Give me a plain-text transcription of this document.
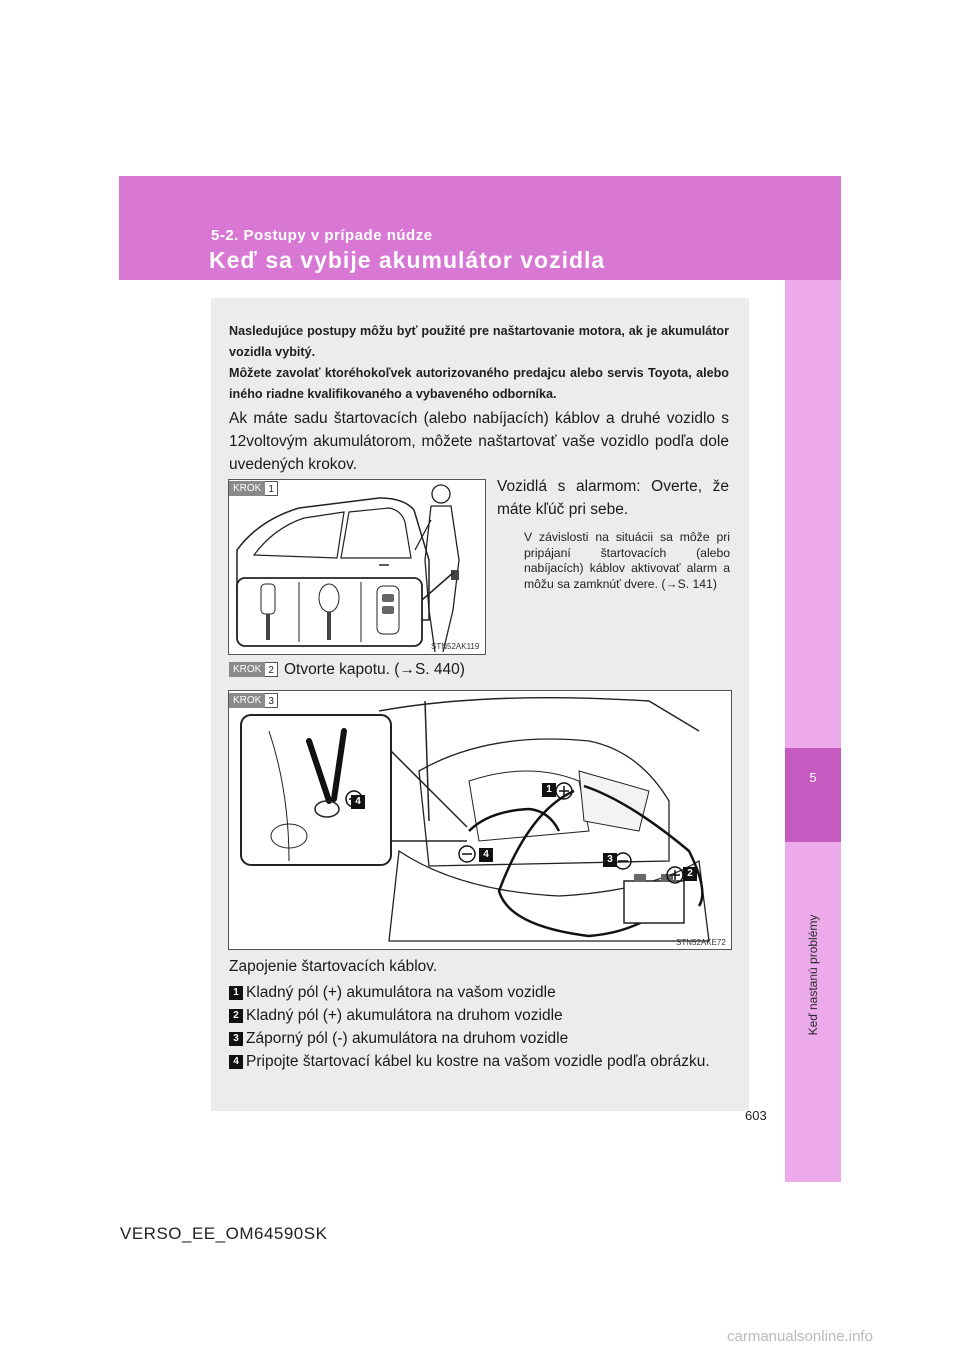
5-2. Postupy v prípade núdze
Keď sa vybije akumulátor vozidla
5
Keď nastanú problémy

Nasledujúce postupy môžu byť použité pre naštartovanie motora, ak je akumulátor vozidla vybitý.

Môžete zavolať ktoréhokoľvek autorizovaného predajcu alebo servis Toyota, alebo iného riadne kvalifikovaného a vybaveného odborníka.

Ak máte sadu štartovacích (alebo nabíjacích) káblov a druhé vozidlo s 12voltovým akumulátorom, môžete naštartovať vaše vozidlo podľa dole uvedených krokov.

KROK 1
STN52AK119

Vozidlá s alarmom: Overte, že máte kľúč pri sebe.

V závislosti na situácii sa môže pri pripájaní štartovacích (alebo nabíjacích) káblov aktivovať alarm a môžu sa zamknúť dvere. (→S. 141)

KROK 2 Otvorte kapotu. (→S. 440)
KROK 3
1
2
3
4
4
STN52AKE72
Zapojenie štartovacích káblov.
1 Kladný pól (+) akumulátora na vašom vozidle
2 Kladný pól (+) akumulátora na druhom vozidle
3 Záporný pól (-) akumulátora na druhom vozidle
4 Pripojte štartovací kábel ku kostre na vašom vozidle podľa obrázku.
603
VERSO_EE_OM64590SK
carmanualsonline.info
